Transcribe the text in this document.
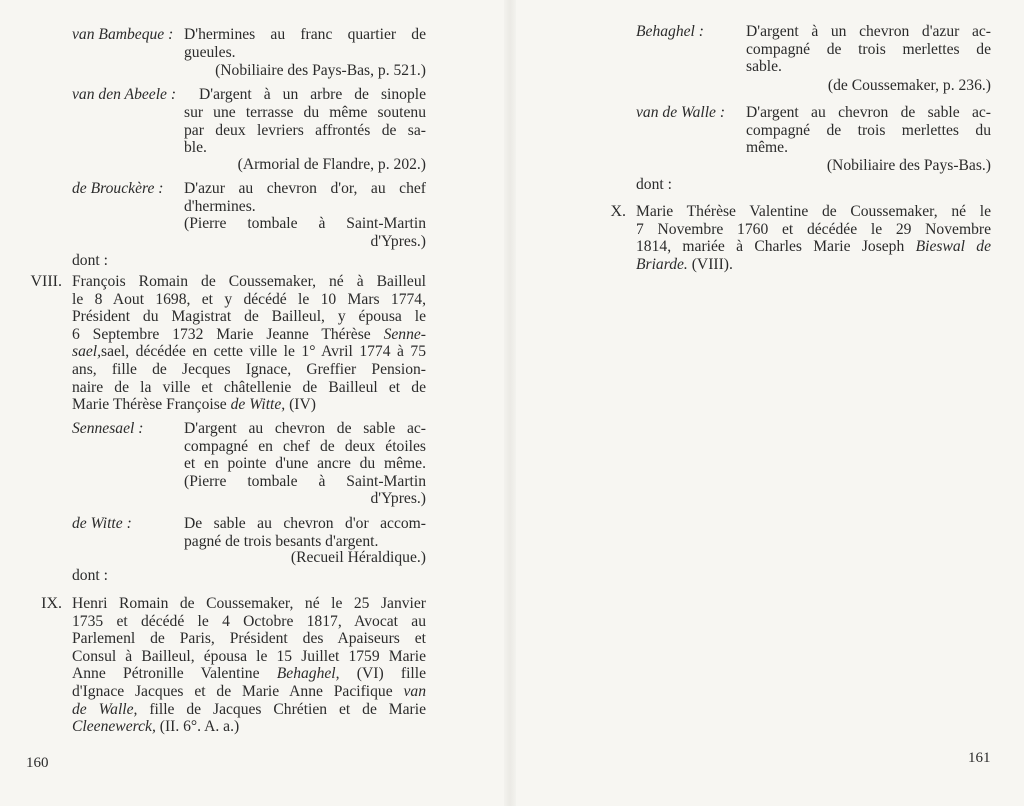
van Bambeque : D'hermines au franc quartier de
gueules.
(Nobiliaire des Pays-Bas, p. 521.)
van den Abeele : D'argent à un arbre de sinople
sur une terrasse du même soutenu
par deux levriers affrontés de sa-
ble.
(Armorial de Flandre, p. 202.)
de Brouckère : D'azur au chevron d'or, au chef
d'hermines.
(Pierre tombale à Saint-Martin
d'Ypres.)
dont :
VIII. François Romain de Coussemaker, né à Bailleul
le 8 Aout 1698, et y décédé le 10 Mars 1774,
Président du Magistrat de Bailleul, y épousa le
6 Septembre 1732 Marie Jeanne Thérèse Senne-
sael,sael, décédée en cette ville le 1° Avril 1774 à 75
ans, fille de Jecques Ignace, Greffier Pension-
naire de la ville et châtellenie de Bailleul et de
Marie Thérèse Françoise de Witte, (IV)
Sennesael :	D'argent au chevron de sable ac-
compagné en chef de deux étoiles
et en pointe d'une ancre du même.
(Pierre tombale à Saint-Martin
d'Ypres.)
de Witte :	De sable au chevron d'or accom-
pagné de trois besants d'argent.
(Recueil Héraldique.)
dont :
IX. Henri Romain de Coussemaker, né le 25 Janvier
1735 et décédé le 4 Octobre 1817, Avocat au
Parlemenl de Paris, Président des Apaiseurs et
Consul à Bailleul, épousa le 15 Juillet 1759 Marie
Anne Pétronille Valentine Behaghel, (VI) fille
d'Ignace Jacques et de Marie Anne Pacifique van
de Walle, fille de Jacques Chrétien et de Marie
Cleenewerck, (II. 6°. A. a.)
160
Behaghel :	D'argent à un chevron d'azur ac-
compagné de trois merlettes de
sable.
(de Coussemaker, p. 236.)
van de Walle : D'argent au chevron de sable ac-
compagné de trois merlettes du
même.
(Nobiliaire des Pays-Bas.)
dont :
X. Marie Thérèse Valentine de Coussemaker, né le
7 Novembre 1760 et décédée le 29 Novembre
1814, mariée à Charles Marie Joseph Bieswal de
Briarde. (VIII).
161
